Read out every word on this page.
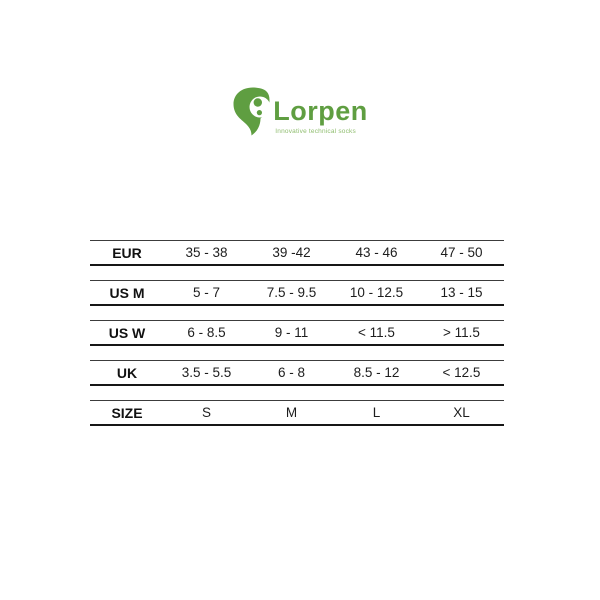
Lorpen
Innovative technical socks
EUR	35 - 38	39 -42	43 - 46	47 - 50
US M	5 - 7	7.5 - 9.5	10 - 12.5	13 - 15
US W	6 - 8.5	9 - 11	< 11.5	> 11.5
UK	3.5 - 5.5	6 - 8	8.5 - 12	< 12.5
SIZE	S	M	L	XL
